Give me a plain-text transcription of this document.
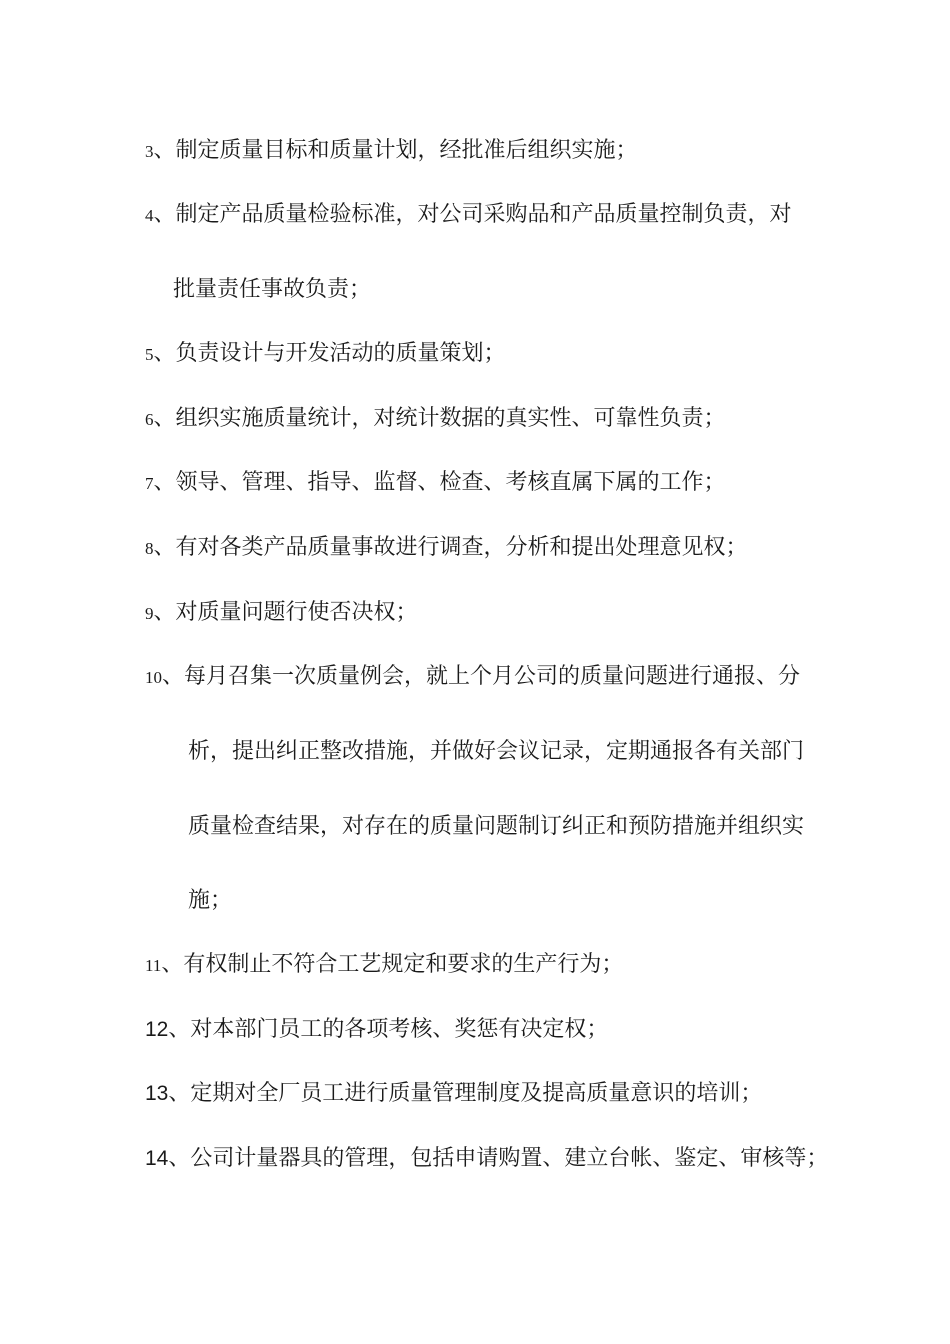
3、制定质量目标和质量计划，经批准后组织实施；
4、制定产品质量检验标准，对公司采购品和产品质量控制负责，对
批量责任事故负责；
5、负责设计与开发活动的质量策划；
6、组织实施质量统计，对统计数据的真实性、可靠性负责；
7、领导、管理、指导、监督、检查、考核直属下属的工作；
8、有对各类产品质量事故进行调查，分析和提出处理意见权；
9、对质量问题行使否决权；
10、每月召集一次质量例会，就上个月公司的质量问题进行通报、分
析，提出纠正整改措施，并做好会议记录，定期通报各有关部门
质量检查结果，对存在的质量问题制订纠正和预防措施并组织实
施；
11、有权制止不符合工艺规定和要求的生产行为；
12、对本部门员工的各项考核、奖惩有决定权；
13、定期对全厂员工进行质量管理制度及提高质量意识的培训；
14、公司计量器具的管理，包括申请购置、建立台帐、鉴定、审核等；
